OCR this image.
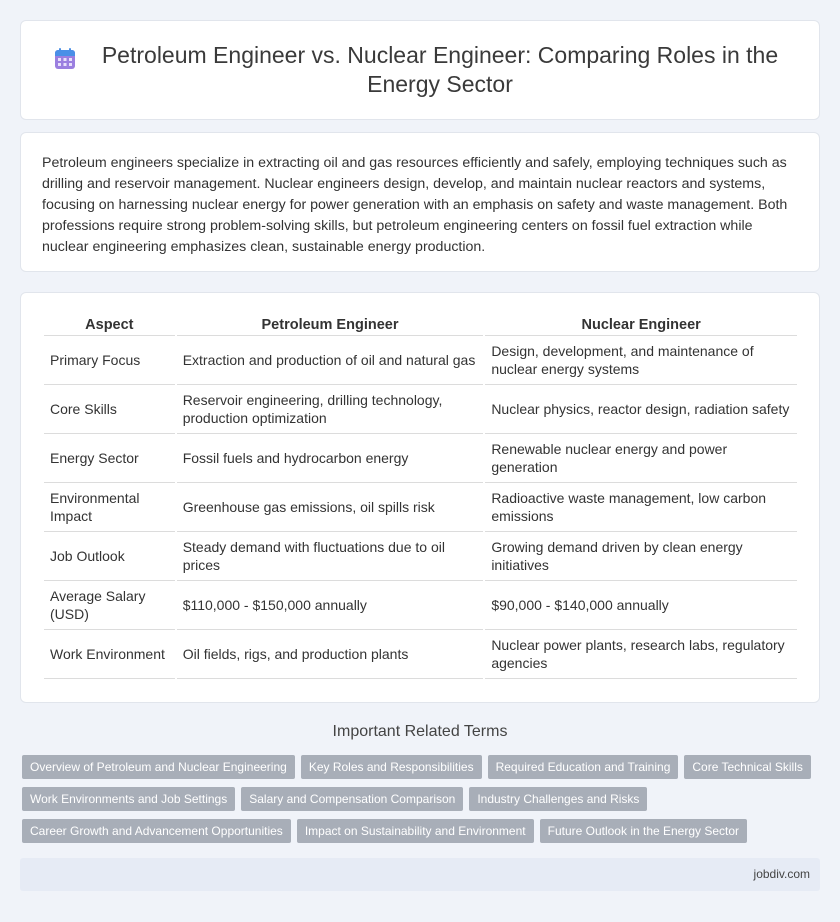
Petroleum Engineer vs. Nuclear Engineer: Comparing Roles in the Energy Sector

Petroleum engineers specialize in extracting oil and gas resources efficiently and safely, employing techniques such as drilling and reservoir management. Nuclear engineers design, develop, and maintain nuclear reactors and systems, focusing on harnessing nuclear energy for power generation with an emphasis on safety and waste management. Both professions require strong problem-solving skills, but petroleum engineering centers on fossil fuel extraction while nuclear engineering emphasizes clean, sustainable energy production.

Aspect	Petroleum Engineer	Nuclear Engineer
Primary Focus	Extraction and production of oil and natural gas	Design, development, and maintenance of nuclear energy systems
Core Skills	Reservoir engineering, drilling technology, production optimization	Nuclear physics, reactor design, radiation safety
Energy Sector	Fossil fuels and hydrocarbon energy	Renewable nuclear energy and power generation
Environmental Impact	Greenhouse gas emissions, oil spills risk	Radioactive waste management, low carbon emissions
Job Outlook	Steady demand with fluctuations due to oil prices	Growing demand driven by clean energy initiatives
Average Salary (USD)	$110,000 - $150,000 annually	$90,000 - $140,000 annually
Work Environment	Oil fields, rigs, and production plants	Nuclear power plants, research labs, regulatory agencies
Important Related Terms
Overview of Petroleum and Nuclear Engineering	Key Roles and Responsibilities	Required Education and Training	Core Technical Skills
Work Environments and Job Settings	Salary and Compensation Comparison	Industry Challenges and Risks
Career Growth and Advancement Opportunities	Impact on Sustainability and Environment	Future Outlook in the Energy Sector
jobdiv.com
